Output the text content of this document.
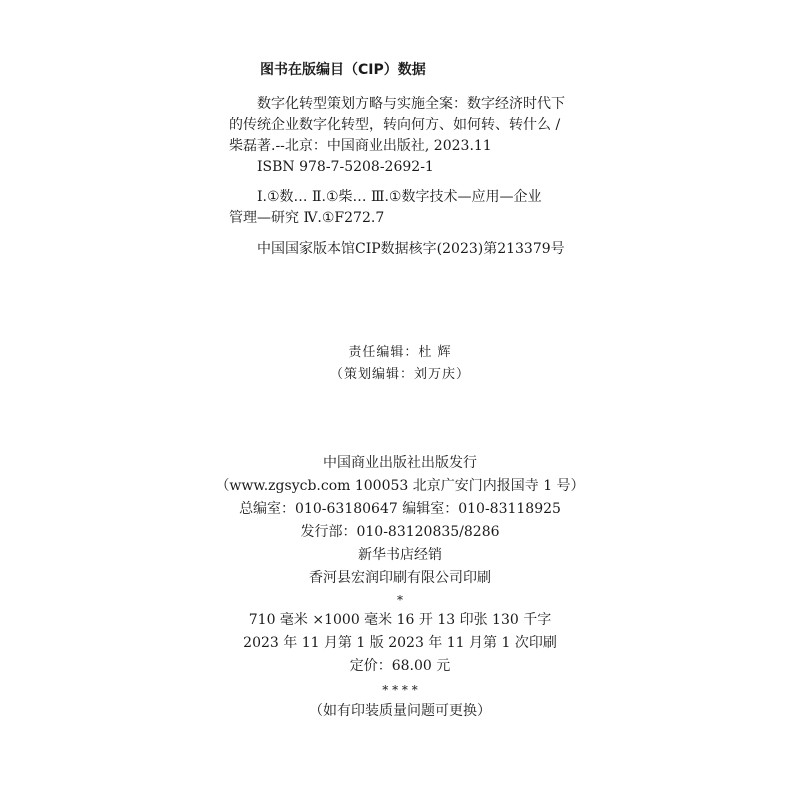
图书在版编目（CIP）数据
数字化转型策划方略与实施全案：数字经济时代下
的传统企业数字化转型，转向何方、如何转、转什么 /
柴磊著.--北京：中国商业出版社, 2023.11
ISBN 978-7-5208-2692-1
Ⅰ.①数… Ⅱ.①柴… Ⅲ.①数字技术—应用—企业
管理—研究 Ⅳ.①F272.7
中国国家版本馆CIP数据核字(2023)第213379号
责任编辑：杜 辉
（策划编辑：刘万庆）
中国商业出版社出版发行
（www.zgsycb.com 100053 北京广安门内报国寺 1 号）
总编室：010-63180647 编辑室：010-83118925
发行部：010-83120835/8286
新华书店经销
香河县宏润印刷有限公司印刷
*
710 毫米 ×1000 毫米 16 开 13 印张 130 千字
2023 年 11 月第 1 版 2023 年 11 月第 1 次印刷
定价：68.00 元
* * * *
（如有印装质量问题可更换）
